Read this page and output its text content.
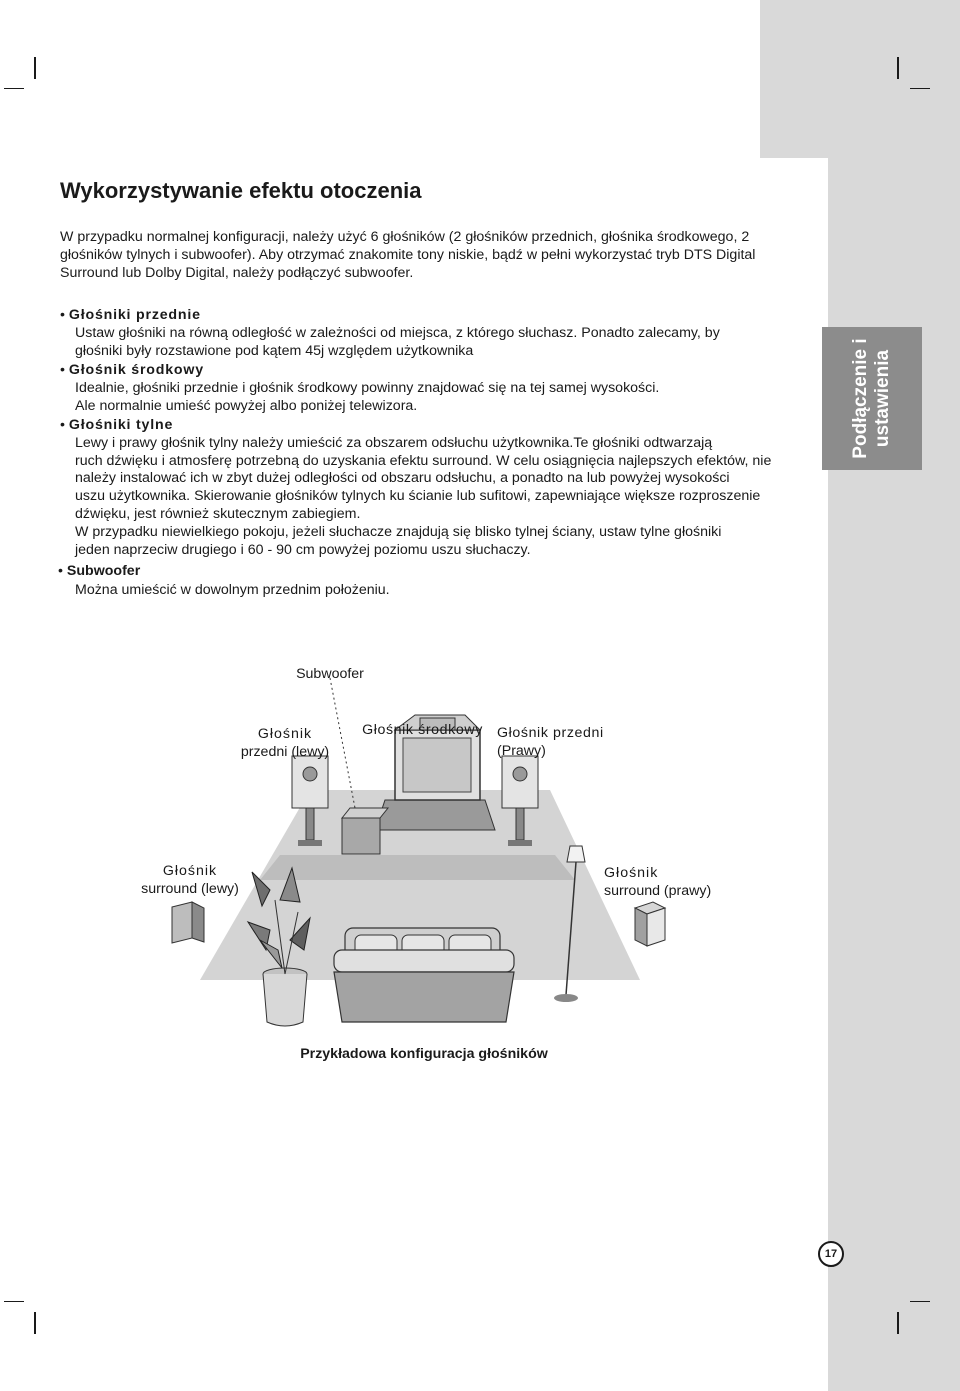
Podłączenie i ustawienia
Wykorzystywanie efektu otoczenia

W przypadku normalnej konfiguracji, należy użyć 6 głośników (2 głośników przednich, głośnika środkowego, 2 głośników tylnych i subwoofer). Aby otrzymać znakomite tony niskie, bądź w pełni wykorzystać tryb DTS Digital Surround lub Dolby Digital, należy podłączyć subwoofer.

• Głośniki przednie

Ustaw głośniki na równą odległość w zależności od miejsca, z którego słuchasz. Ponadto zalecamy, by

głośniki były rozstawione pod kątem 45j względem użytkownika

• Głośnik środkowy

Idealnie, głośniki przednie i głośnik środkowy powinny znajdować się na tej samej wysokości.

Ale normalnie umieść powyżej albo poniżej telewizora.

• Głośniki tylne

Lewy i prawy głośnik tylny należy umieścić za obszarem odsłuchu użytkownika.Te głośniki odtwarzają

ruch dźwięku i atmosferę potrzebną do uzyskania efektu surround. W celu osiągnięcia najlepszych efektów, nie

należy instalować ich w zbyt dużej odległości od obszaru odsłuchu, a ponadto na lub powyżej wysokości

uszu użytkownika. Skierowanie głośników tylnych ku ścianie lub sufitowi, zapewniające większe rozproszenie

dźwięku, jest również skutecznym zabiegiem.

W przypadku niewielkiego pokoju, jeżeli słuchacze znajdują się blisko tylnej ściany, ustaw tylne głośniki

jeden naprzeciw drugiego i 60 - 90 cm powyżej poziomu uszu słuchaczy.

• Subwoofer

Można umieścić w dowolnym przednim położeniu.

Subwoofer
Głośnik
przedni (lewy)
Głośnik środkowy Głośnik przedni
(Prawy)
Głośnik
surround (lewy)
Głośnik
surround (prawy)
Przykładowa konfiguracja głośników
17
